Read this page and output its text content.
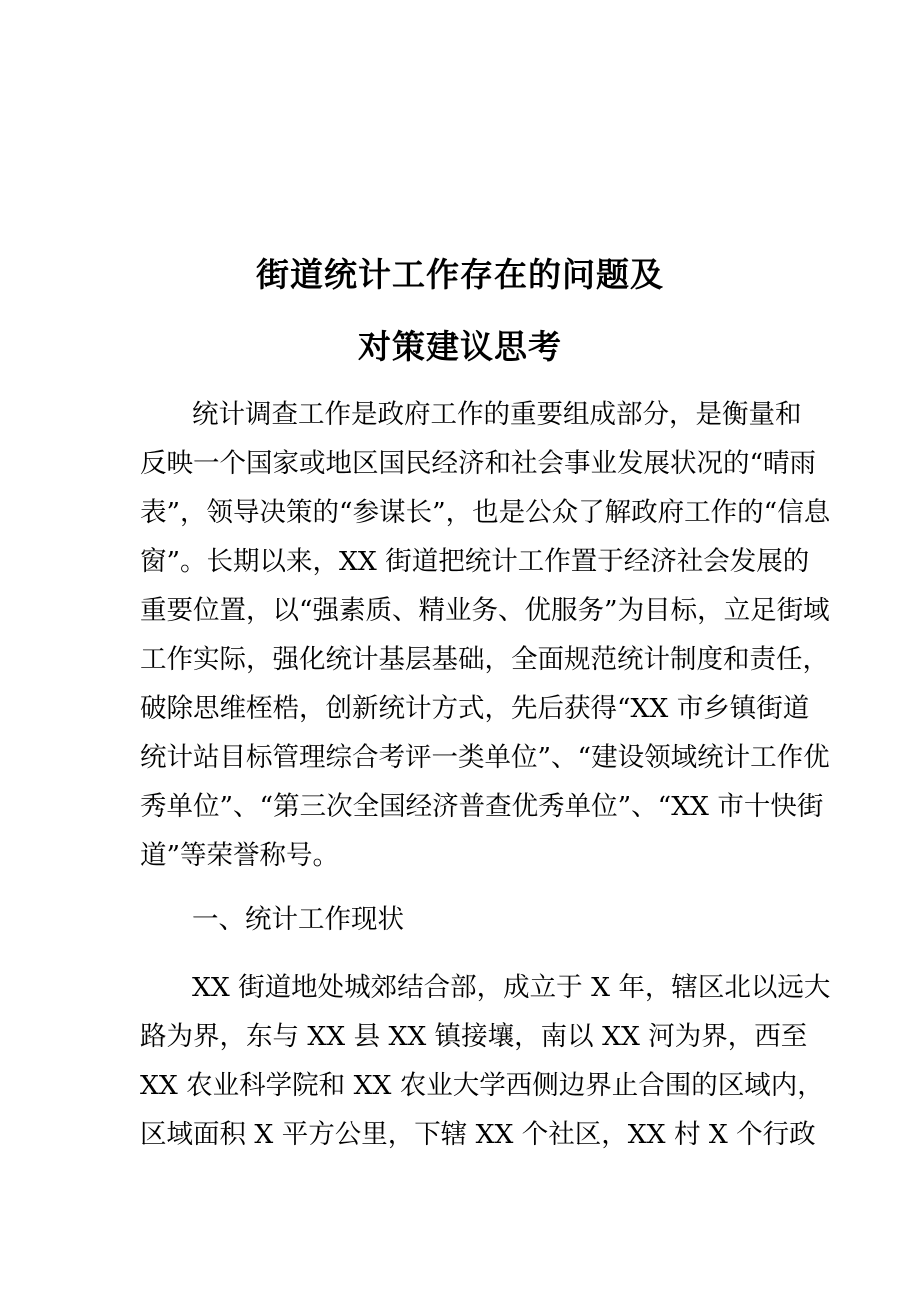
街道统计工作存在的问题及
对策建议思考
统计调查工作是政府工作的重要组成部分，是衡量和
反映一个国家或地区国民经济和社会事业发展状况的“晴雨
表”，领导决策的“参谋长”，也是公众了解政府工作的“信息
窗”。长期以来，XX 街道把统计工作置于经济社会发展的
重要位置，以“强素质、精业务、优服务”为目标，立足街域
工作实际，强化统计基层基础，全面规范统计制度和责任，
破除思维桎梏，创新统计方式，先后获得“XX 市乡镇街道
统计站目标管理综合考评一类单位”、“建设领域统计工作优
秀单位”、“第三次全国经济普查优秀单位”、“XX 市十快街
道”等荣誉称号。
一、统计工作现状
XX 街道地处城郊结合部，成立于 X 年，辖区北以远大
路为界，东与 XX 县 XX 镇接壤，南以 XX 河为界，西至
XX 农业科学院和 XX 农业大学西侧边界止合围的区域内，
区域面积 X 平方公里，下辖 XX 个社区，XX 村 X 个行政
